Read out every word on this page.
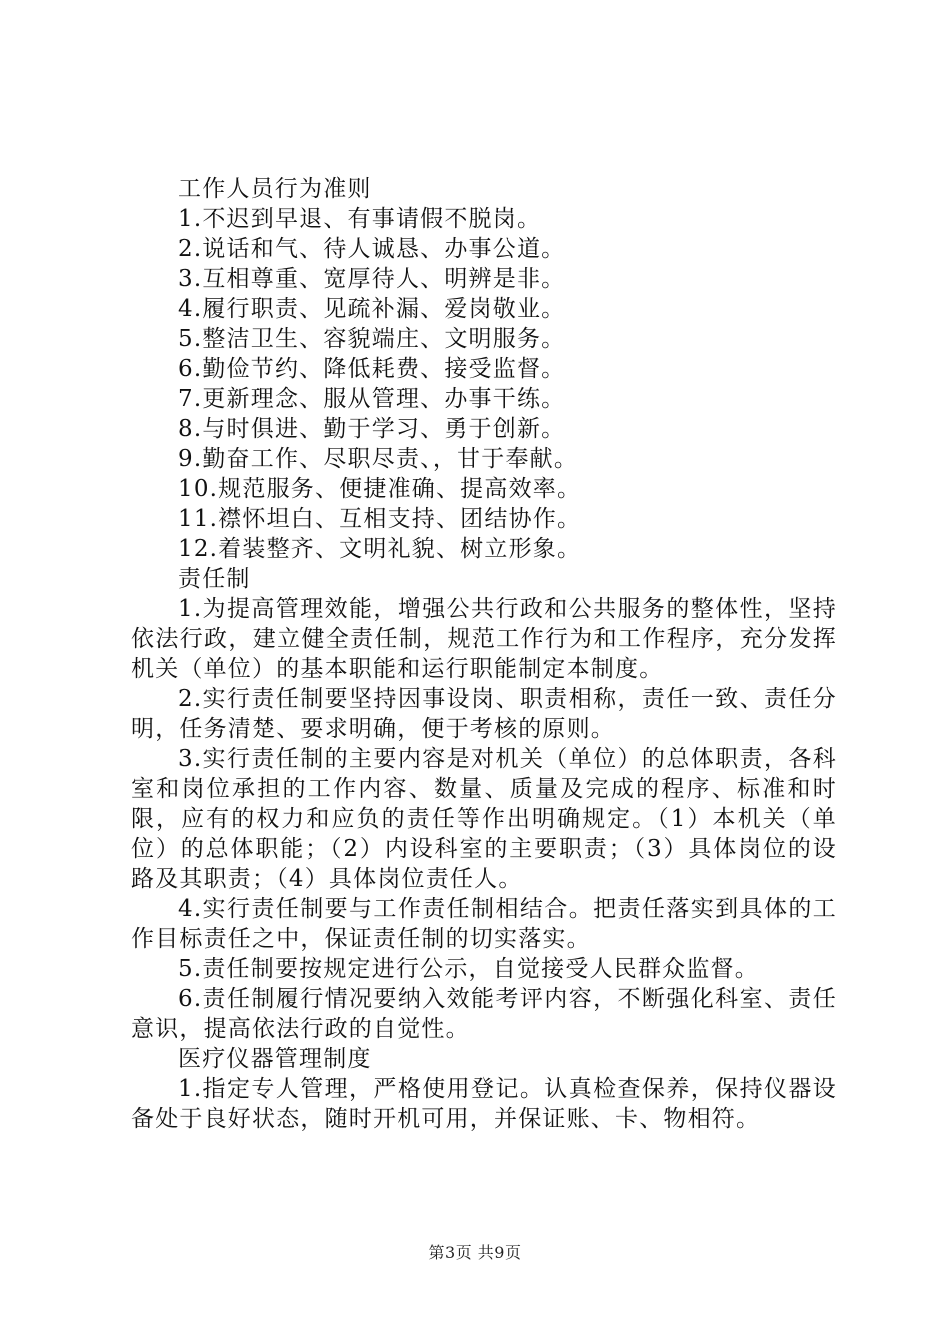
工作人员行为准则

1.不迟到早退、有事请假不脱岗。

2.说话和气、待人诚恳、办事公道。

3.互相尊重、宽厚待人、明辨是非。

4.履行职责、见疏补漏、爱岗敬业。

5.整洁卫生、容貌端庄、文明服务。

6.勤俭节约、降低耗费、接受监督。

7.更新理念、服从管理、办事干练。

8.与时俱进、勤于学习、勇于创新。

9.勤奋工作、尽职尽责、，甘于奉献。

10.规范服务、便捷准确、提高效率。

11.襟怀坦白、互相支持、团结协作。

12.着装整齐、文明礼貌、树立形象。

责任制

1.为提高管理效能，增强公共行政和公共服务的整体性，坚持依法行政，建立健全责任制，规范工作行为和工作程序，充分发挥机关（单位）的基本职能和运行职能制定本制度。

2.实行责任制要坚持因事设岗、职责相称，责任一致、责任分明，任务清楚、要求明确，便于考核的原则。

3.实行责任制的主要内容是对机关（单位）的总体职责，各科室和岗位承担的工作内容、数量、质量及完成的程序、标准和时限，应有的权力和应负的责任等作出明确规定。（1）本机关（单位）的总体职能；（2）内设科室的主要职责；（3）具体岗位的设路及其职责；（4）具体岗位责任人。

4.实行责任制要与工作责任制相结合。把责任落实到具体的工作目标责任之中，保证责任制的切实落实。

5.责任制要按规定进行公示，自觉接受人民群众监督。

6.责任制履行情况要纳入效能考评内容，不断强化科室、责任意识，提高依法行政的自觉性。

医疗仪器管理制度

1.指定专人管理，严格使用登记。认真检查保养，保持仪器设备处于良好状态，随时开机可用，并保证账、卡、物相符。

第3页 共9页
